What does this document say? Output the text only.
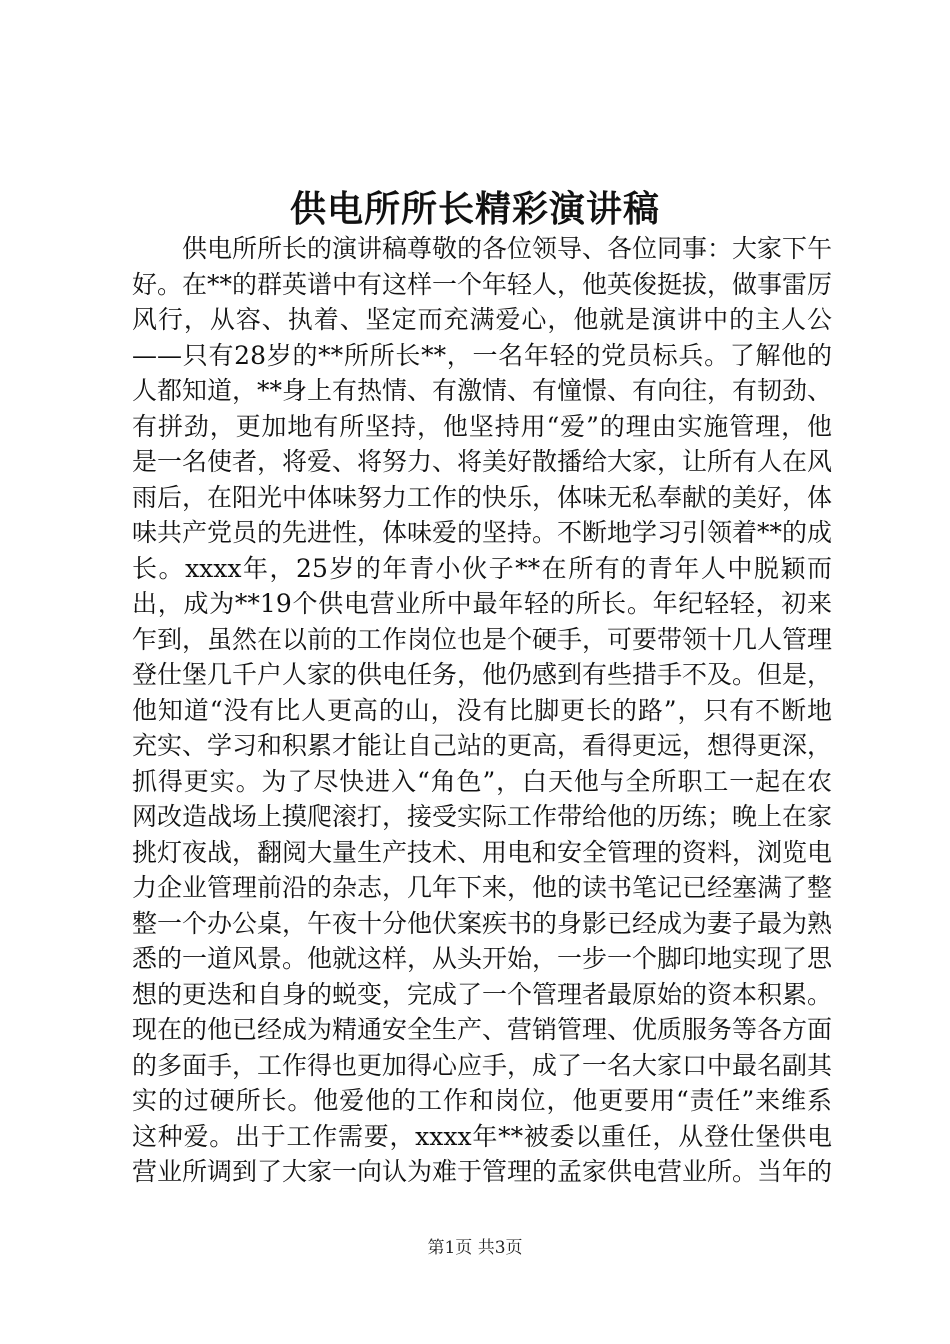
供电所所长精彩演讲稿

供电所所长的演讲稿尊敬的各位领导、各位同事：大家下午好。在**的群英谱中有这样一个年轻人，他英俊挺拔，做事雷厉风行，从容、执着、坚定而充满爱心，他就是演讲中的主人公——只有28岁的**所所长**，一名年轻的党员标兵。了解他的人都知道，**身上有热情、有激情、有憧憬、有向往，有韧劲、有拼劲，更加地有所坚持，他坚持用“爱”的理由实施管理，他是一名使者，将爱、将努力、将美好散播给大家，让所有人在风雨后，在阳光中体味努力工作的快乐，体味无私奉献的美好，体味共产党员的先进性，体味爱的坚持。不断地学习引领着**的成长。xxxx年，25岁的年青小伙子**在所有的青年人中脱颖而出，成为**19个供电营业所中最年轻的所长。年纪轻轻，初来乍到，虽然在以前的工作岗位也是个硬手，可要带领十几人管理登仕堡几千户人家的供电任务，他仍感到有些措手不及。但是，他知道“没有比人更高的山，没有比脚更长的路”，只有不断地充实、学习和积累才能让自己站的更高，看得更远，想得更深，抓得更实。为了尽快进入“角色”，白天他与全所职工一起在农网改造战场上摸爬滚打，接受实际工作带给他的历练；晚上在家挑灯夜战，翻阅大量生产技术、用电和安全管理的资料，浏览电力企业管理前沿的杂志，几年下来，他的读书笔记已经塞满了整整一个办公桌，午夜十分他伏案疾书的身影已经成为妻子最为熟悉的一道风景。他就这样，从头开始，一步一个脚印地实现了思想的更迭和自身的蜕变，完成了一个管理者最原始的资本积累。现在的他已经成为精通安全生产、营销管理、优质服务等各方面的多面手，工作得也更加得心应手，成了一名大家口中最名副其实的过硬所长。他爱他的工作和岗位，他更要用“责任”来维系这种爱。出于工作需要，xxxx年**被委以重任，从登仕堡供电营业所调到了大家一向认为难于管理的孟家供电营业所。当年的

第1页 共3页
